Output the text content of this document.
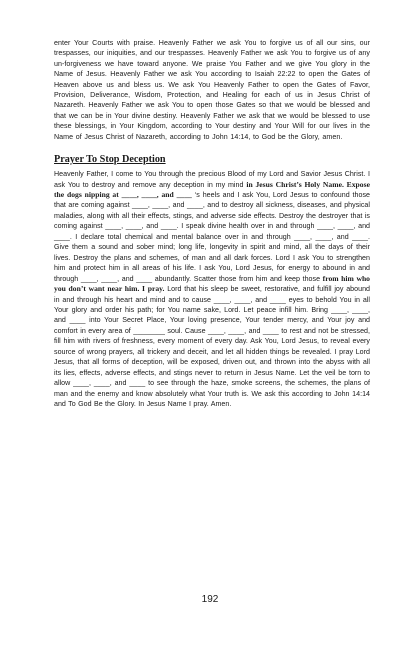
enter Your Courts with praise. Heavenly Father we ask You to forgive us of all our sins, our trespasses, our iniquities, and our trespasses. Heavenly Father we ask You to forgive us of any un-forgiveness we have toward anyone. We praise You Father and we give You glory in the Name of Jesus. Heavenly Father we ask You according to Isaiah 22:22 to open the Gates of Heaven above us and bless us. We ask You Heavenly Father to open the Gates of Favor, Provision, Deliverance, Wisdom, Protection, and Healing for each of us in Jesus Christ of Nazareth. Heavenly Father we ask You to open those Gates so that we would be blessed and that we can be in Your divine destiny. Heavenly Father we ask that we would be blessed to use these blessings, in Your Kingdom, according to Your destiny and Your Will for our lives in the Name of Jesus Christ of Nazareth, according to John 14:14, to God be the Glory, amen.

Prayer To Stop Deception

Heavenly Father, I come to You through the precious Blood of my Lord and Savior Jesus Christ. I ask You to destroy and remove any deception in my mind in Jesus Christ’s Holy Name. Expose the dogs nipping at ____, ____, and ____ ‘s heels and I ask You, Lord Jesus to confound those that are coming against ____, ____, and ____, and to destroy all sickness, diseases, and physical maladies, along with all their effects, stings, and adverse side effects. Destroy the destroyer that is coming against ____, ____, and ____. I speak divine health over in and through ____, ____, and ____. I declare total chemical and mental balance over in and through ____, ____, and ____. Give them a sound and sober mind; long life, longevity in spirit and mind, all the days of their lives. Destroy the plans and schemes, of man and all dark forces. Lord I ask You to strengthen him and protect him in all areas of his life. I ask You, Lord Jesus, for energy to abound in and through ____, ____, and ____ abundantly. Scatter those from him and keep those from him who you don’t want near him. I pray. Lord that his sleep be sweet, restorative, and fulfill joy abound in and through his heart and mind and to cause ____, ____, and ____ eyes to behold You in all Your glory and order his path; for You name sake, Lord. Let peace infill him. Bring ____, ____, and ____ into Your Secret Place, Your loving presence, Your tender mercy, and Your joy and comfort in every area of ________ soul. Cause ____, ____, and ____ to rest and not be stressed, fill him with rivers of freshness, every moment of every day. Ask You, Lord Jesus, to reveal every source of wrong prayers, all trickery and deceit, and let all hidden things be revealed. I pray Lord Jesus, that all forms of deception, will be exposed, driven out, and thrown into the abyss with all its lies, effects, adverse effects, and stings never to return in Jesus Name. Let the veil be torn to allow ____, ____, and ____ to see through the haze, smoke screens, the schemes, the plans of man and the enemy and know absolutely what Your truth is. We ask this according to John 14:14 and To God Be the Glory. In Jesus Name I pray. Amen.

192
